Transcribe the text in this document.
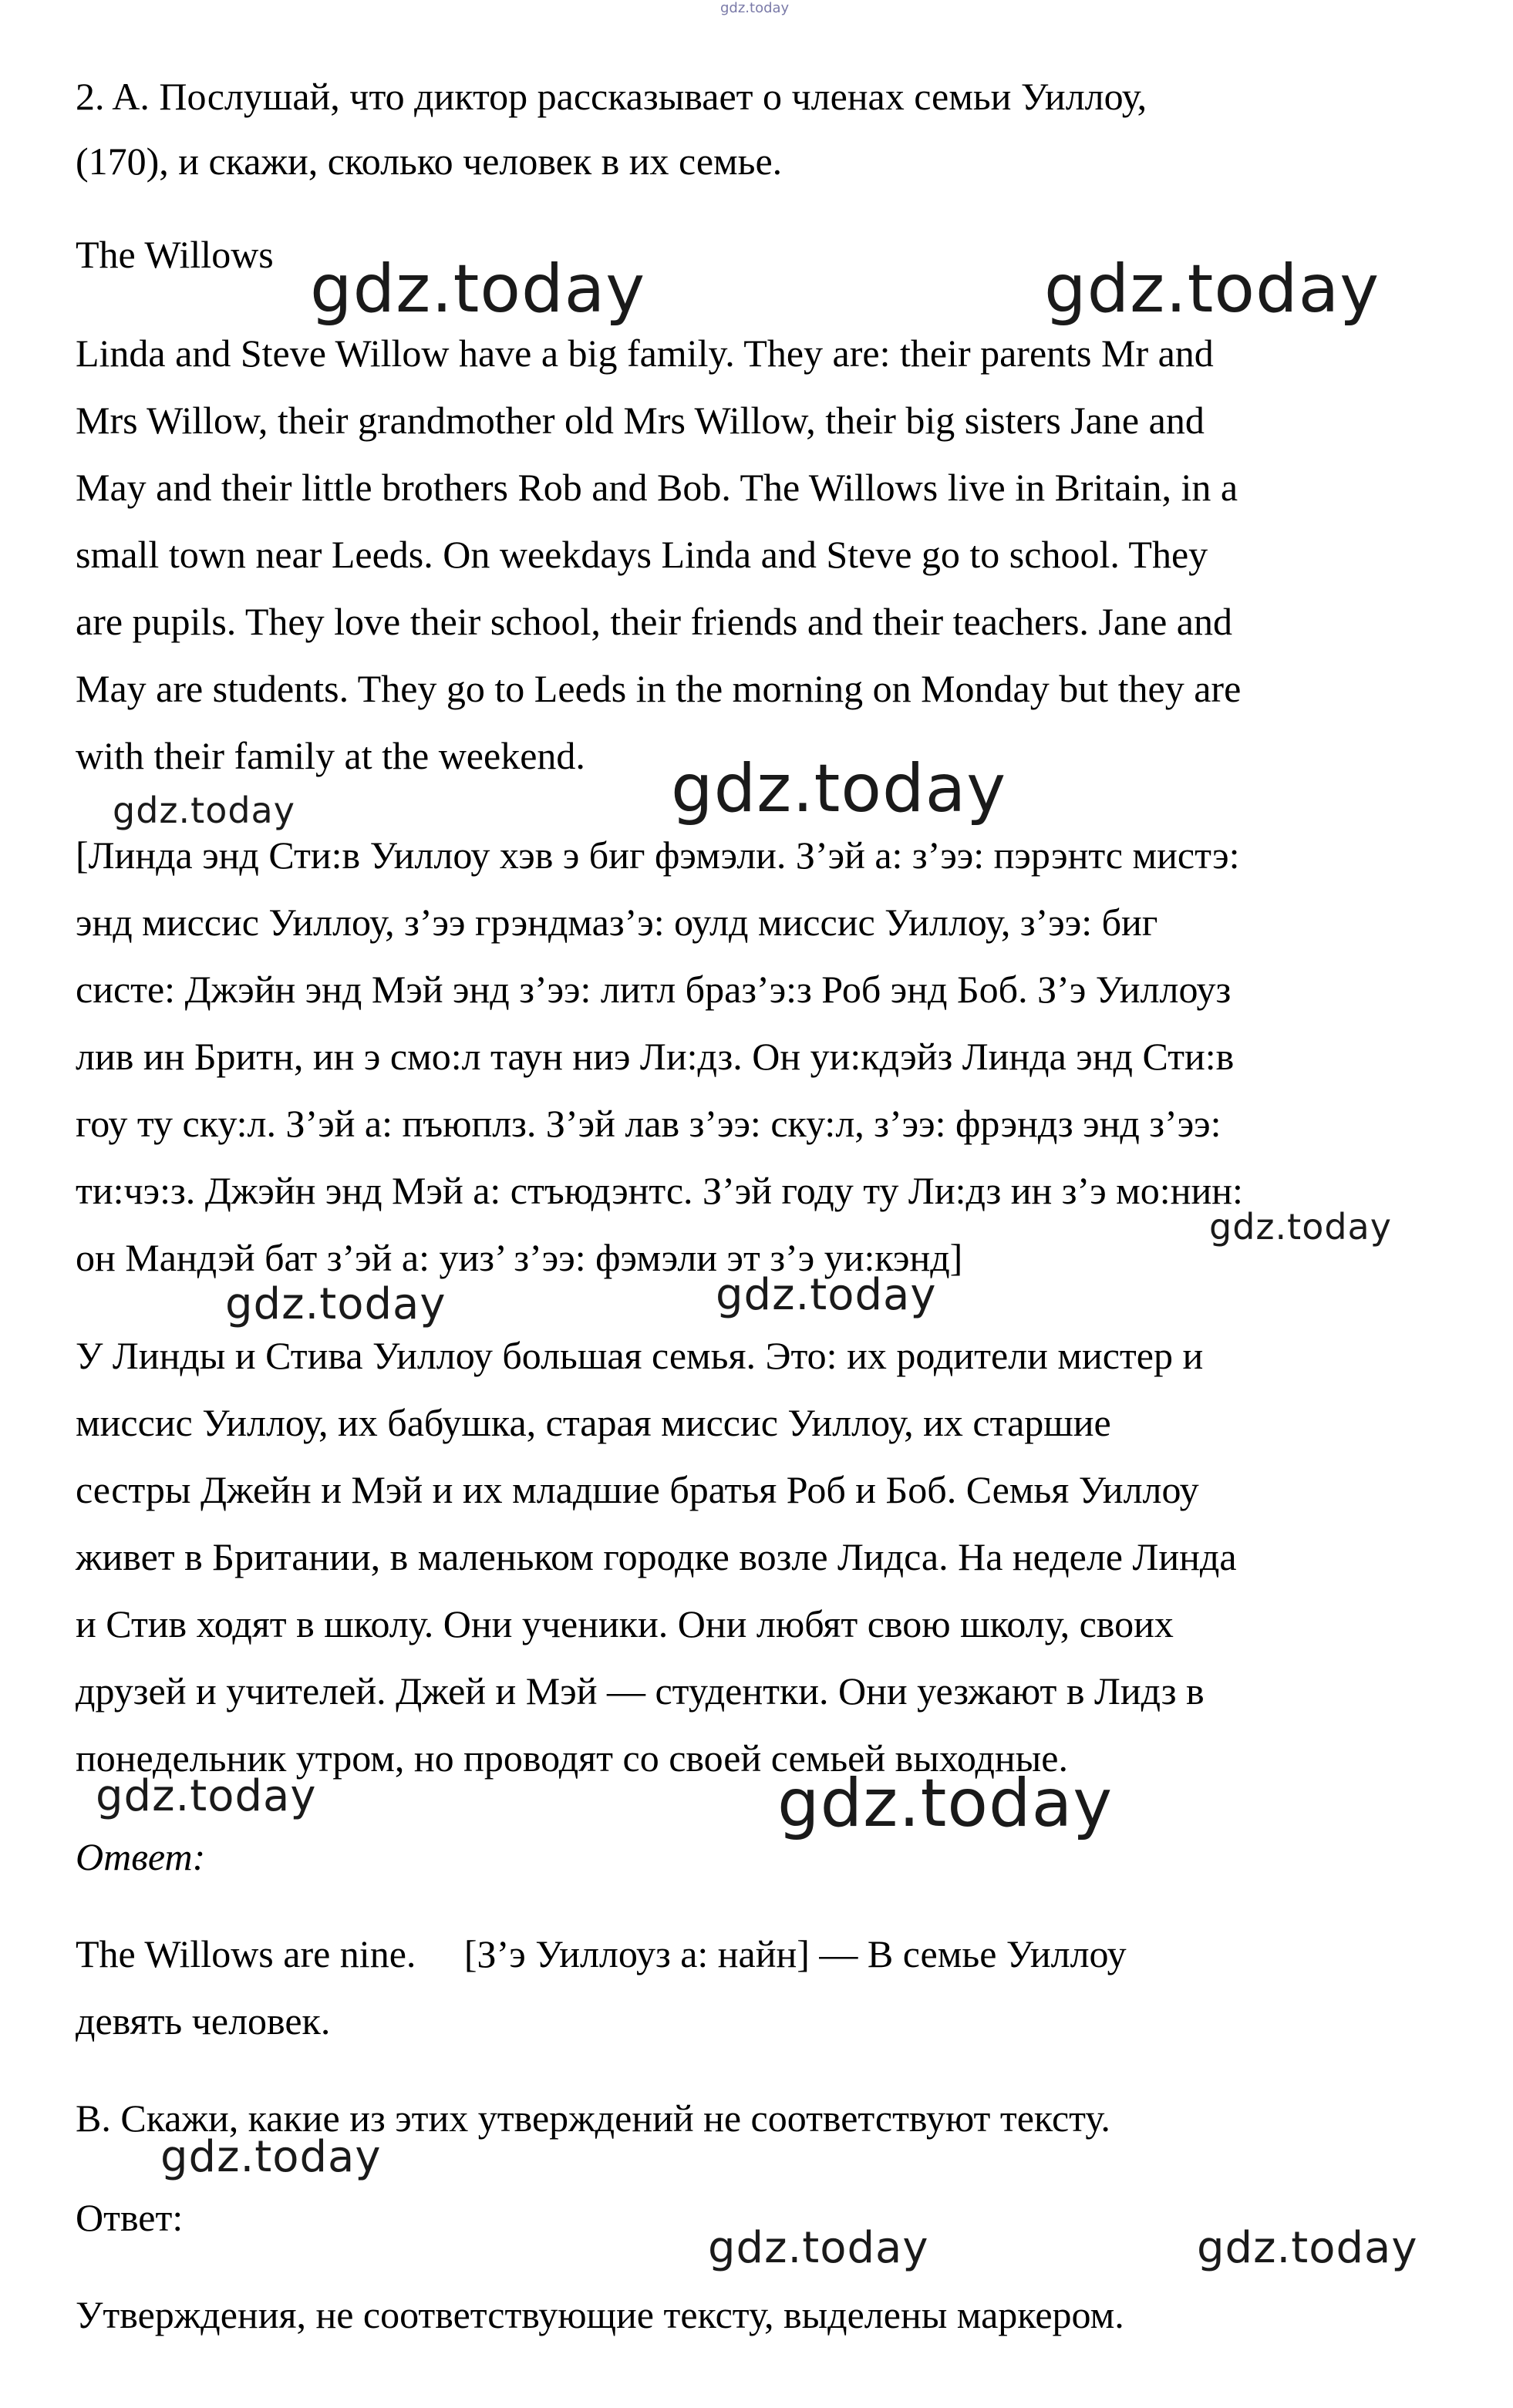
gdz.today
2. A. Послушай, что диктор рассказывает о членах семьи Уиллоу,
(170), и скажи, сколько человек в их семье.
The Willows
Linda and Steve Willow have a big family. They are: their parents Mr and
Mrs Willow, their grandmother old Mrs Willow, their big sisters Jane and
May and their little brothers Rob and Bob. The Willows live in Britain, in a
small town near Leeds. On weekdays Linda and Steve go to school. They
are pupils. They love their school, their friends and their teachers. Jane and
May are students. They go to Leeds in the morning on Monday but they are
with their family at the weekend.
[Линда энд Сти:в Уиллоу хэв э биг фэмэли. З’эй а: з’ээ: пэрэнтс мистэ:
энд миссис Уиллоу, з’ээ грэндмаз’э: оулд миссис Уиллоу, з’ээ: биг
систе: Джэйн энд Мэй энд з’ээ: литл браз’э:з Роб энд Боб. З’э Уиллоуз
лив ин Бритн, ин э смо:л таун ниэ Ли:дз. Он уи:кдэйз Линда энд Сти:в
гоу ту ску:л. З’эй а: пъюплз. З’эй лав з’ээ: ску:л, з’ээ: фрэндз энд з’ээ:
ти:чэ:з. Джэйн энд Мэй а: стъюдэнтс. З’эй году ту Ли:дз ин з’э мо:нин:
он Мандэй бат з’эй а: уиз’ з’ээ: фэмэли эт з’э уи:кэнд]
У Линды и Стива Уиллоу большая семья. Это: их родители мистер и
миссис Уиллоу, их бабушка, старая миссис Уиллоу, их старшие
сестры Джейн и Мэй и их младшие братья Роб и Боб. Семья Уиллоу
живет в Британии, в маленьком городке возле Лидса. На неделе Линда
и Стив ходят в школу. Они ученики. Они любят свою школу, своих
друзей и учителей. Джей и Мэй — студентки. Они уезжают в Лидз в
понедельник утром, но проводят со своей семьей выходные.
Ответ:
The Willows are nine.     [З’э Уиллоуз а: найн] — В семье Уиллоу
девять человек.
B. Скажи, какие из этих утверждений не соответствуют тексту.
Ответ:
Утверждения, не соответствующие тексту, выделены маркером.
gdz.today	gdz.today
gdz.today	gdz.today
gdz.today
gdz.today	gdz.today
gdz.today	gdz.today
gdz.today
gdz.today	gdz.today
